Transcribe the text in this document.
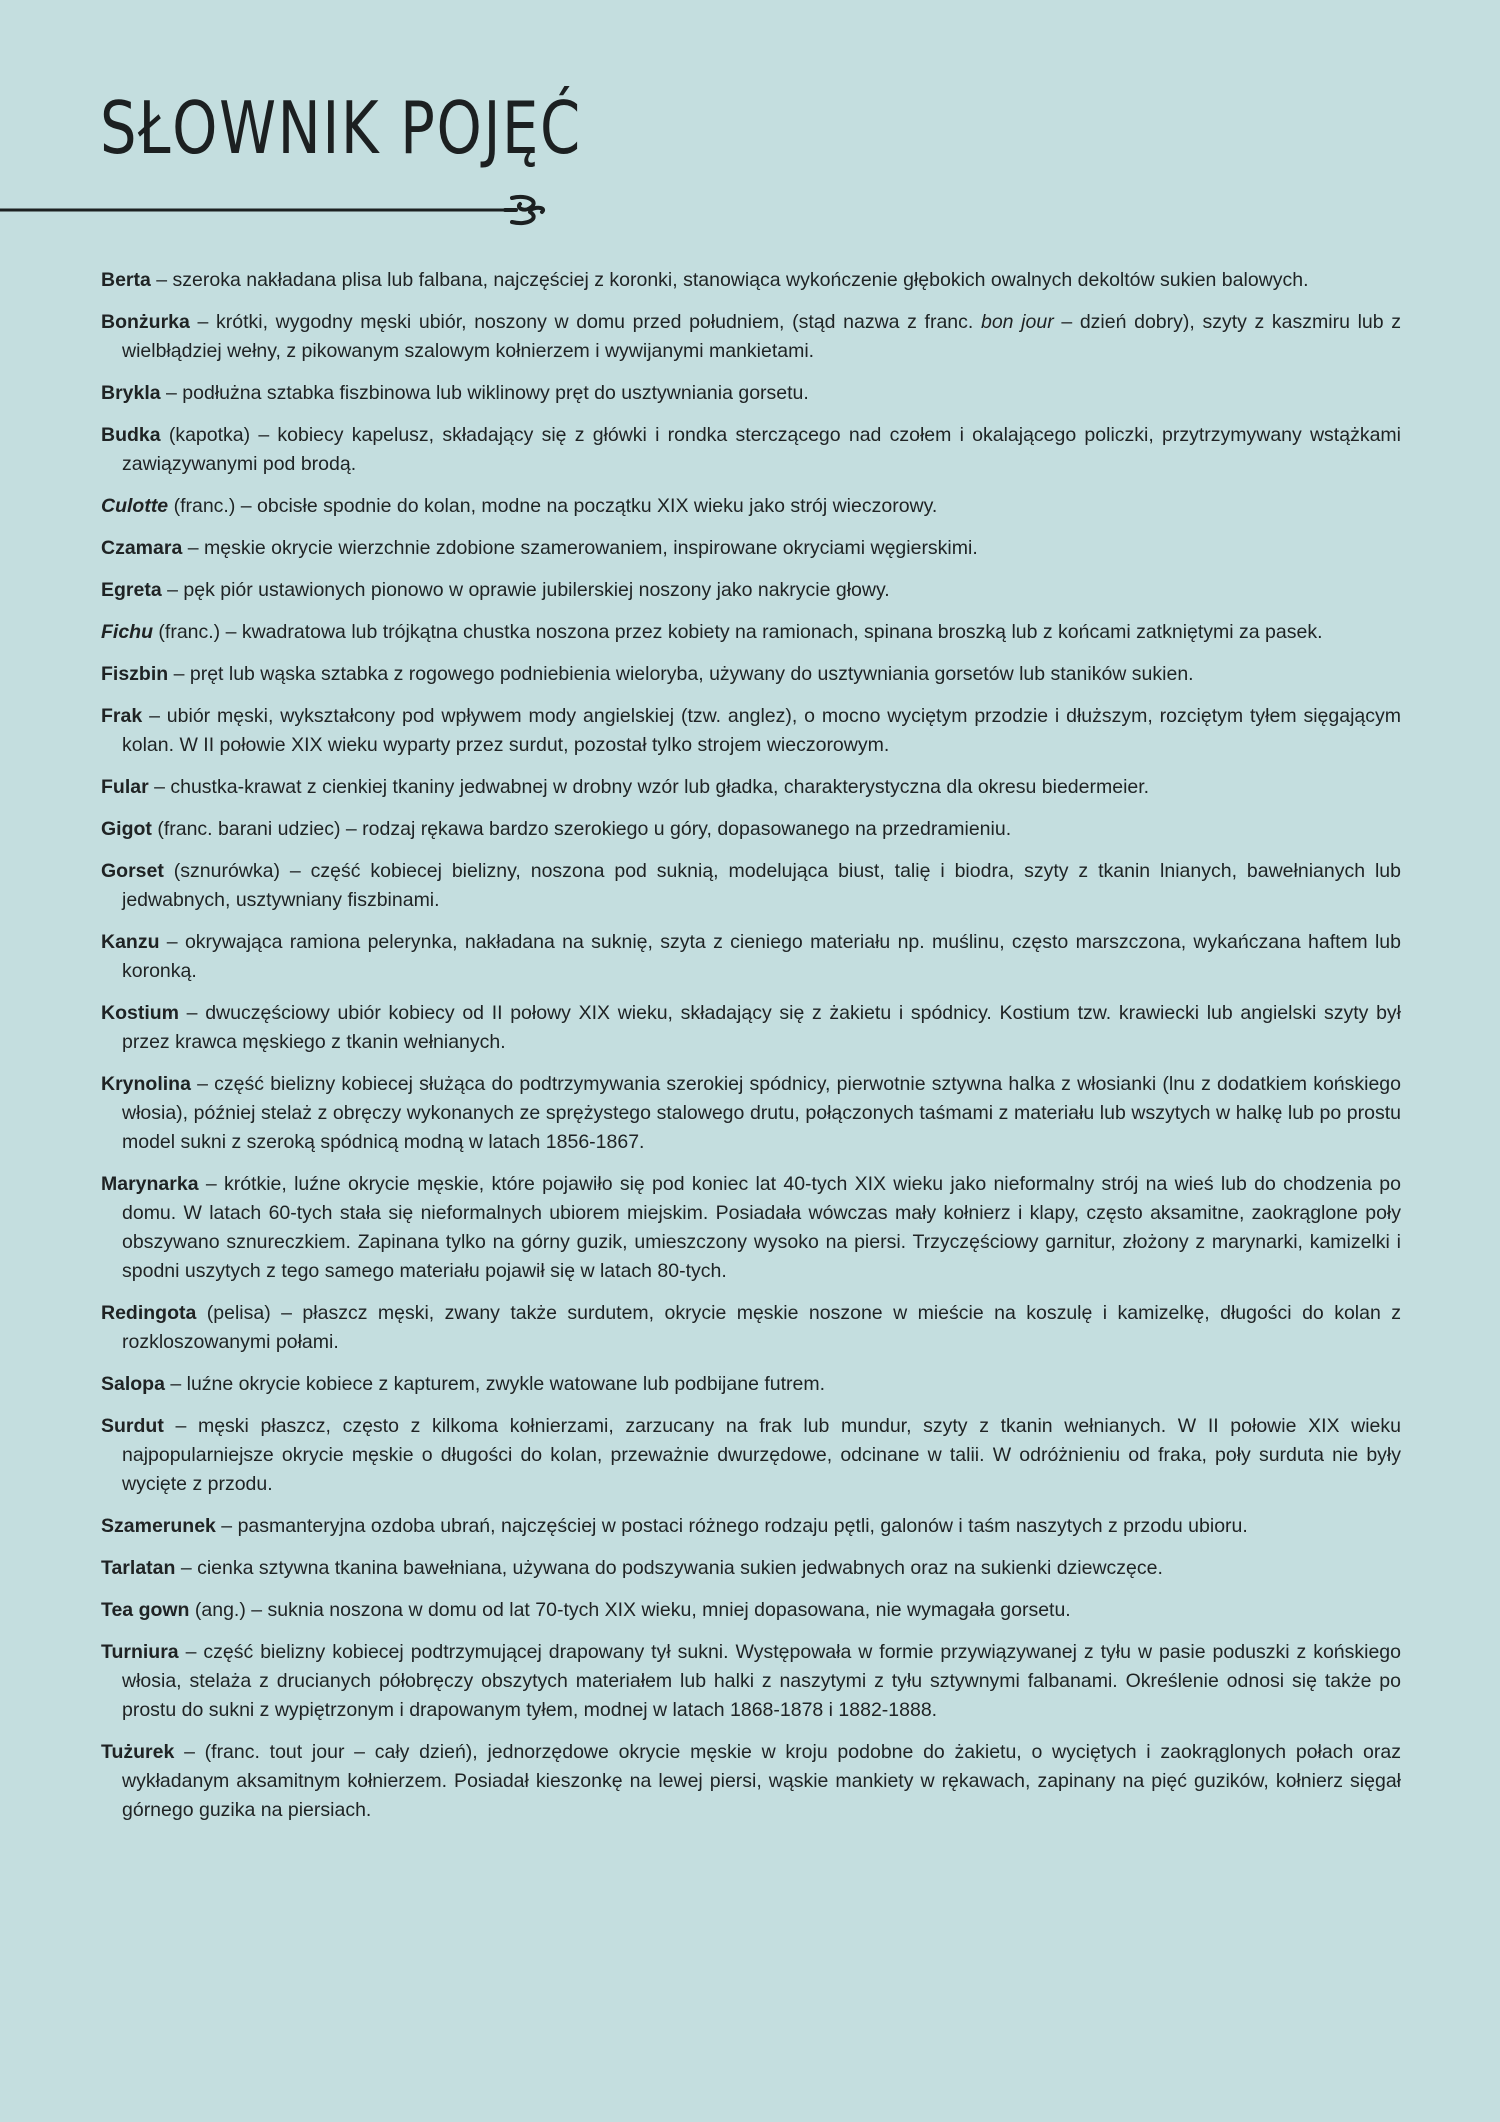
SŁOWNIK POJĘĆ

Berta – szeroka nakładana plisa lub falbana, najczęściej z koronki, stanowiąca wykończenie głębokich owalnych dekoltów sukien balowych.

Bonżurka – krótki, wygodny męski ubiór, noszony w domu przed południem, (stąd nazwa z franc. bon jour – dzień dobry), szyty z kaszmiru lub z wielbłądziej wełny, z pikowanym szalowym kołnierzem i wywijanymi mankietami.

Brykla – podłużna sztabka fiszbinowa lub wiklinowy pręt do usztywniania gorsetu.

Budka (kapotka) – kobiecy kapelusz, składający się z główki i rondka sterczącego nad czołem i okalającego policzki, przytrzymywany wstążkami zawiązywanymi pod brodą.

Culotte (franc.) – obcisłe spodnie do kolan, modne na początku XIX wieku jako strój wieczorowy.

Czamara – męskie okrycie wierzchnie zdobione szamerowaniem, inspirowane okryciami węgierskimi.

Egreta – pęk piór ustawionych pionowo w oprawie jubilerskiej noszony jako nakrycie głowy.

Fichu (franc.) – kwadratowa lub trójkątna chustka noszona przez kobiety na ramionach, spinana broszką lub z końcami zatkniętymi za pasek.

Fiszbin – pręt lub wąska sztabka z rogowego podniebienia wieloryba, używany do usztywniania gorsetów lub staników sukien.

Frak – ubiór męski, wykształcony pod wpływem mody angielskiej (tzw. anglez), o mocno wyciętym przodzie i dłuższym, rozciętym tyłem sięgającym kolan. W II połowie XIX wieku wyparty przez surdut, pozostał tylko strojem wieczorowym.

Fular – chustka-krawat z cienkiej tkaniny jedwabnej w drobny wzór lub gładka, charakterystyczna dla okresu biedermeier.

Gigot (franc. barani udziec) – rodzaj rękawa bardzo szerokiego u góry, dopasowanego na przedramieniu.

Gorset (sznurówka) – część kobiecej bielizny, noszona pod suknią, modelująca biust, talię i biodra, szyty z tkanin lnianych, bawełnianych lub jedwabnych, usztywniany fiszbinami.

Kanzu – okrywająca ramiona pelerynka, nakładana na suknię, szyta z cieniego materiału np. muślinu, często marszczona, wykańczana haftem lub koronką.

Kostium – dwuczęściowy ubiór kobiecy od II połowy XIX wieku, składający się z żakietu i spódnicy. Kostium tzw. krawiecki lub angielski szyty był przez krawca męskiego z tkanin wełnianych.

Krynolina – część bielizny kobiecej służąca do podtrzymywania szerokiej spódnicy, pierwotnie sztywna halka z włosianki (lnu z dodatkiem końskiego włosia), później stelaż z obręczy wykonanych ze sprężystego stalowego drutu, połączonych taśmami z materiału lub wszytych w halkę lub po prostu model sukni z szeroką spódnicą modną w latach 1856-1867.

Marynarka – krótkie, luźne okrycie męskie, które pojawiło się pod koniec lat 40-tych XIX wieku jako nieformalny strój na wieś lub do chodzenia po domu. W latach 60-tych stała się nieformalnych ubiorem miejskim. Posiadała wówczas mały kołnierz i klapy, często aksamitne, zaokrąglone poły obszywano sznureczkiem. Zapinana tylko na górny guzik, umieszczony wysoko na piersi. Trzyczęściowy garnitur, złożony z marynarki, kamizelki i spodni uszytych z tego samego materiału pojawił się w latach 80-tych.

Redingota (pelisa) – płaszcz męski, zwany także surdutem, okrycie męskie noszone w mieście na koszulę i kamizelkę, długości do kolan z rozkloszowanymi połami.

Salopa – luźne okrycie kobiece z kapturem, zwykle watowane lub podbijane futrem.

Surdut – męski płaszcz, często z kilkoma kołnierzami, zarzucany na frak lub mundur, szyty z tkanin wełnianych. W II połowie XIX wieku najpopularniejsze okrycie męskie o długości do kolan, przeważnie dwurzędowe, odcinane w talii. W odróżnieniu od fraka, poły surduta nie były wycięte z przodu.

Szamerunek – pasmanteryjna ozdoba ubrań, najczęściej w postaci różnego rodzaju pętli, galonów i taśm naszytych z przodu ubioru.

Tarlatan – cienka sztywna tkanina bawełniana, używana do podszywania sukien jedwabnych oraz na sukienki dziewczęce.

Tea gown (ang.) – suknia noszona w domu od lat 70-tych XIX wieku, mniej dopasowana, nie wymagała gorsetu.

Turniura – część bielizny kobiecej podtrzymującej drapowany tył sukni. Występowała w formie przywiązywanej z tyłu w pasie poduszki z końskiego włosia, stelaża z drucianych półobręczy obszytych materiałem lub halki z naszytymi z tyłu sztywnymi falbanami. Określenie odnosi się także po prostu do sukni z wypiętrzonym i drapowanym tyłem, modnej w latach 1868-1878 i 1882-1888.

Tużurek – (franc. tout jour – cały dzień), jednorzędowe okrycie męskie w kroju podobne do żakietu, o wyciętych i zaokrąglonych połach oraz wykładanym aksamitnym kołnierzem. Posiadał kieszonkę na lewej piersi, wąskie mankiety w rękawach, zapinany na pięć guzików, kołnierz sięgał górnego guzika na piersiach.
